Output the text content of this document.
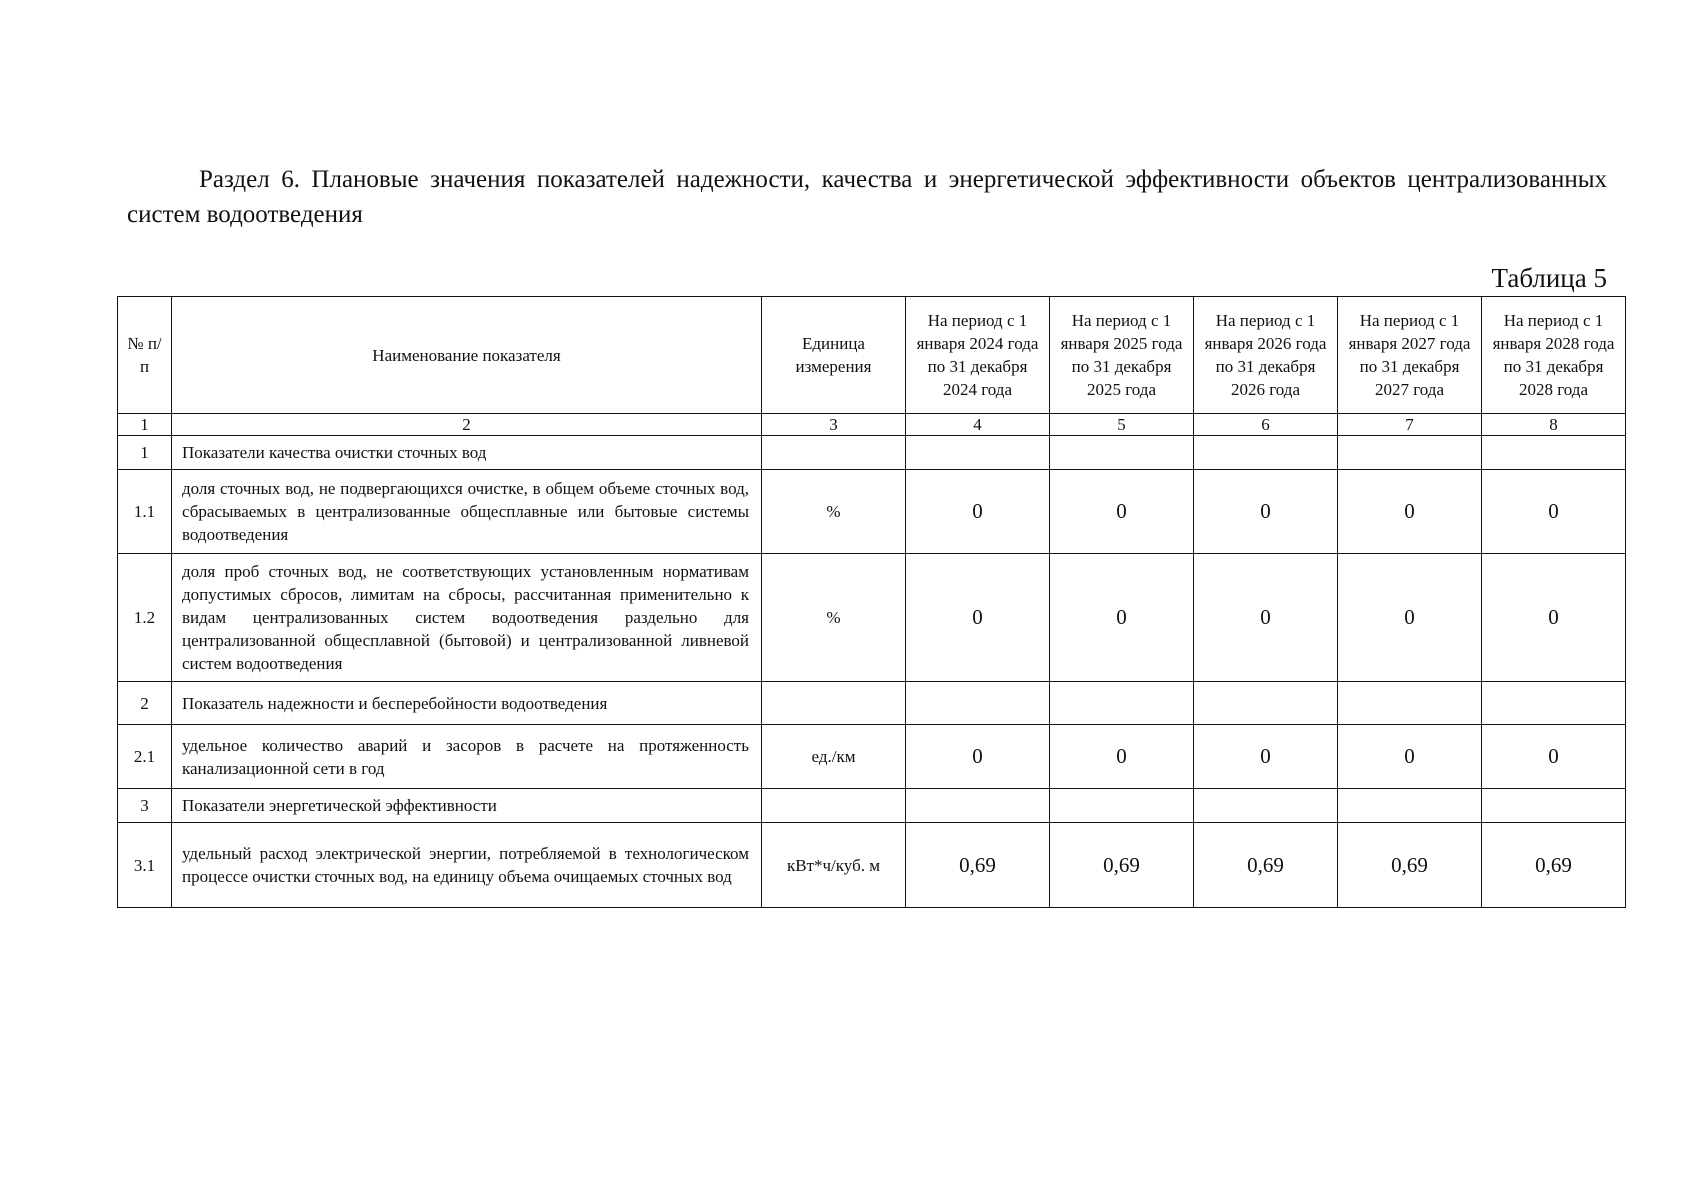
Раздел 6. Плановые значения показателей надежности, качества и энергетической эффективности объектов централизованных систем водоотведения

Таблица 5

№ п/п	Наименование показателя	Единица измерения	На период с 1 января 2024 года по 31 декабря 2024 года	На период с 1 января 2025 года по 31 декабря 2025 года	На период с 1 января 2026 года по 31 декабря 2026 года	На период с 1 января 2027 года по 31 декабря 2027 года	На период с 1 января 2028 года по 31 декабря 2028 года
1	2	3	4	5	6	7	8
1	Показатели качества очистки сточных вод						
1.1	доля сточных вод, не подвергающихся очистке, в общем объеме сточных вод, сбрасываемых в централизованные общесплавные или бытовые системы водоотведения	%	0	0	0	0	0
1.2	доля проб сточных вод, не соответствующих установленным нормативам допустимых сбросов, лимитам на сбросы, рассчитанная применительно к видам централизованных систем водоотведения раздельно для централизованной общесплавной (бытовой) и централизованной ливневой систем водоотведения	%	0	0	0	0	0
2	Показатель надежности и бесперебойности водоотведения						
2.1	удельное количество аварий и засоров в расчете на протяженность канализационной сети в год	ед./км	0	0	0	0	0
3	Показатели энергетической эффективности						
3.1	удельный расход электрической энергии, потребляемой в технологическом процессе очистки сточных вод, на единицу объема очищаемых сточных вод	кВт*ч/куб. м	0,69	0,69	0,69	0,69	0,69
